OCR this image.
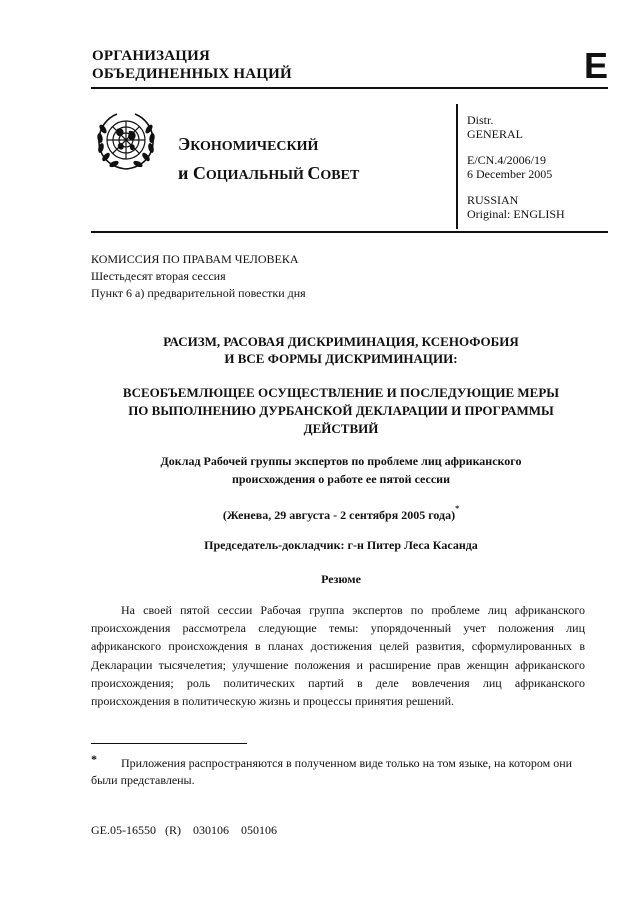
ОРГАНИЗАЦИЯ
ОБЪЕДИНЕННЫХ НАЦИЙ	E
ЭКОНОМИЧЕСКИЙ
и СОЦИАЛЬНЫЙ СОВЕТ
Distr.
GENERAL
E/CN.4/2006/19
6 December 2005
RUSSIAN
Original: ENGLISH
КОМИССИЯ ПО ПРАВАМ ЧЕЛОВЕКА
Шестьдесят вторая сессия
Пункт 6 а) предварительной повестки дня
РАСИЗМ, РАСОВАЯ ДИСКРИМИНАЦИЯ, КСЕНОФОБИЯ
И ВСЕ ФОРМЫ ДИСКРИМИНАЦИИ:
ВСЕОБЪЕМЛЮЩЕЕ ОСУЩЕСТВЛЕНИЕ И ПОСЛЕДУЮЩИЕ МЕРЫ
ПО ВЫПОЛНЕНИЮ ДУРБАНСКОЙ ДЕКЛАРАЦИИ И ПРОГРАММЫ
ДЕЙСТВИЙ
Доклад Рабочей группы экспертов по проблеме лиц африканского
происхождения о работе ее пятой сессии
(Женева, 29 августа - 2 сентября 2005 года)*
Председатель-докладчик: г-н Питер Леса Касанда
Резюме
На своей пятой сессии Рабочая группа экспертов по проблеме лиц африканского происхождения рассмотрела следующие темы: упорядоченный учет положения лиц африканского происхождения в планах достижения целей развития, сформулированных в Декларации тысячелетия; улучшение положения и расширение прав женщин африканского происхождения; роль политических партий в деле вовлечения лиц африканского происхождения в политическую жизнь и процессы принятия решений.
*	Приложения распространяются в полученном виде только на том языке, на котором они были представлены.
GE.05-16550   (R)    030106    050106
